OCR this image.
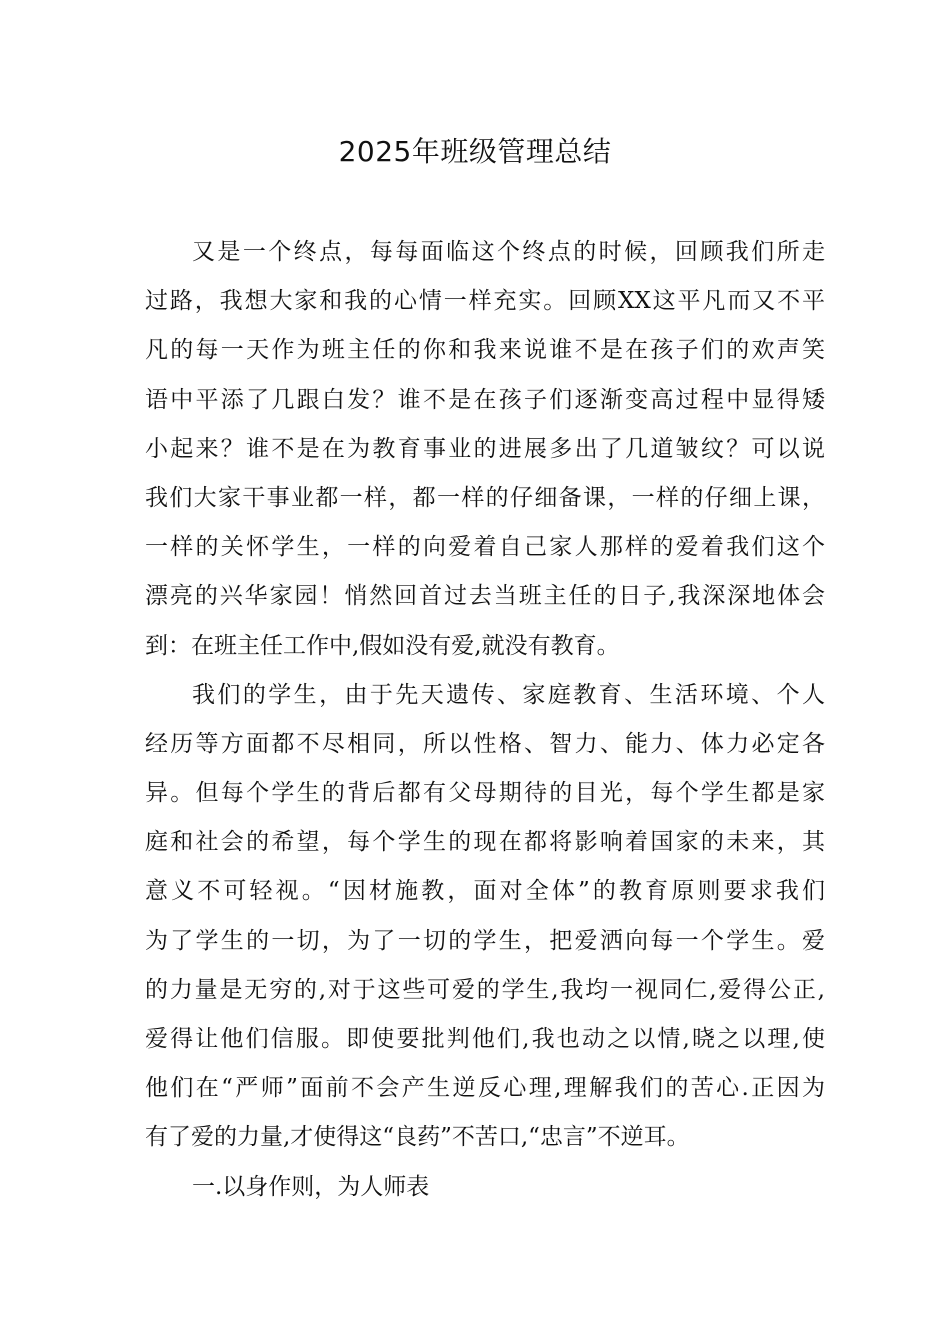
2025年班级管理总结
又是一个终点，每每面临这个终点的时候，回顾我们所走
过路，我想大家和我的心情一样充实。回顾XX这平凡而又不平
凡的每一天作为班主任的你和我来说谁不是在孩子们的欢声笑
语中平添了几跟白发？谁不是在孩子们逐渐变高过程中显得矮
小起来？谁不是在为教育事业的进展多出了几道皱纹？可以说
我们大家干事业都一样，都一样的仔细备课，一样的仔细上课，
一样的关怀学生，一样的向爱着自己家人那样的爱着我们这个
漂亮的兴华家园！悄然回首过去当班主任的日子,我深深地体会
到：在班主任工作中,假如没有爱,就没有教育。
我们的学生，由于先天遗传、家庭教育、生活环境、个人
经历等方面都不尽相同，所以性格、智力、能力、体力必定各
异。但每个学生的背后都有父母期待的目光，每个学生都是家
庭和社会的希望，每个学生的现在都将影响着国家的未来，其
意义不可轻视。“因材施教，面对全体”的教育原则要求我们
为了学生的一切，为了一切的学生，把爱洒向每一个学生。爱
的力量是无穷的,对于这些可爱的学生,我均一视同仁,爱得公正,
爱得让他们信服。即使要批判他们,我也动之以情,晓之以理,使
他们在“严师”面前不会产生逆反心理,理解我们的苦心.正因为
有了爱的力量,才使得这“良药”不苦口,“忠言”不逆耳。
一.以身作则，为人师表
